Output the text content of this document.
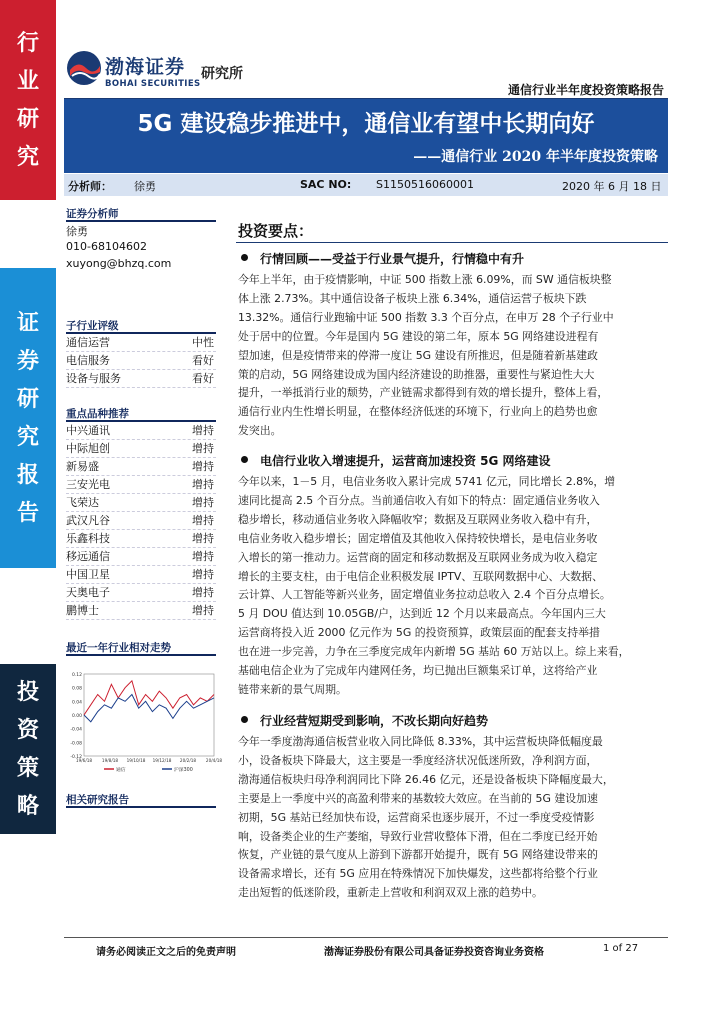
行
业
研
究
证
券
研
究
报
告
投
资
策
略
渤海证券
BOHAI SECURITIES
研究所
通信行业半年度投资策略报告
5G 建设稳步推进中，通信业有望中长期向好
——通信行业 2020 年半年度投资策略
分析师： 徐勇	SAC NO: S1150516060001	2020 年 6 月 18 日
证券分析师
徐勇
010-68104602
xuyong@bhzq.com
子行业评级
通信运营	中性
电信服务	看好
设备与服务	看好
重点品种推荐
中兴通讯	增持
中际旭创	增持
新易盛	增持
三安光电	增持
飞荣达	增持
武汉凡谷	增持
乐鑫科技	增持
移远通信	增持
中国卫星	增持
天奥电子	增持
鹏博士	增持
最近一年行业相对走势
0.12
0.08
0.04
0.00
-0.04
-0.08
-0.12
19/6/18 19/8/18 19/10/18 19/12/18 20/2/18 20/4/18
通信	沪深300
相关研究报告
投资要点：
行情回顾——受益于行业景气提升，行情稳中有升
今年上半年，由于疫情影响，中证 500 指数上涨 6.09%，而 SW 通信板块整
体上涨 2.73%。其中通信设备子板块上涨 6.34%，通信运营子板块下跌
13.32%。通信行业跑输中证 500 指数 3.3 个百分点，在申万 28 个子行业中
处于居中的位置。今年是国内 5G 建设的第二年，原本 5G 网络建设进程有
望加速，但是疫情带来的停滞一度让 5G 建设有所推迟，但是随着新基建政
策的启动，5G 网络建设成为国内经济建设的助推器，重要性与紧迫性大大
提升，一举抵消行业的颓势，产业链需求都得到有效的增长提升，整体上看，
通信行业内生性增长明显，在整体经济低迷的环境下，行业向上的趋势也愈
发突出。
电信行业收入增速提升，运营商加速投资 5G 网络建设
今年以来，1－5 月，电信业务收入累计完成 5741 亿元，同比增长 2.8%，增
速同比提高 2.5 个百分点。当前通信收入有如下的特点：固定通信业务收入
稳步增长，移动通信业务收入降幅收窄；数据及互联网业务收入稳中有升，
电信业务收入稳步增长；固定增值及其他收入保持较快增长，是电信业务收
入增长的第一推动力。运营商的固定和移动数据及互联网业务成为收入稳定
增长的主要支柱，由于电信企业积极发展 IPTV、互联网数据中心、大数据、
云计算、人工智能等新兴业务，固定增值业务拉动总收入 2.4 个百分点增长。
5 月 DOU 值达到 10.05GB/户，达到近 12 个月以来最高点。今年国内三大
运营商将投入近 2000 亿元作为 5G 的投资预算，政策层面的配套支持举措
也在进一步完善，力争在三季度完成年内新增 5G 基站 60 万站以上。综上来看，
基础电信企业为了完成年内建网任务，均已抛出巨额集采订单，这将给产业
链带来新的景气周期。
行业经营短期受到影响，不改长期向好趋势
今年一季度渤海通信板营业收入同比降低 8.33%，其中运营板块降低幅度最
小，设备板块下降最大，这主要是一季度经济状况低迷所致，净利润方面，
渤海通信板块归母净利润同比下降 26.46 亿元，还是设备板块下降幅度最大，
主要是上一季度中兴的高盈利带来的基数较大效应。在当前的 5G 建设加速
初期，5G 基站已经加快布设，运营商采也逐步展开，不过一季度受疫情影
响，设备类企业的生产萎缩，导致行业营收整体下滑，但在二季度已经开始
恢复，产业链的景气度从上游到下游都开始提升，既有 5G 网络建设带来的
设备需求增长，还有 5G 应用在特殊情况下加快爆发，这些都将给整个行业
走出短暂的低迷阶段，重新走上营收和利润双双上涨的趋势中。
请务必阅读正文之后的免责声明	渤海证券股份有限公司具备证券投资咨询业务资格	1 of 27
